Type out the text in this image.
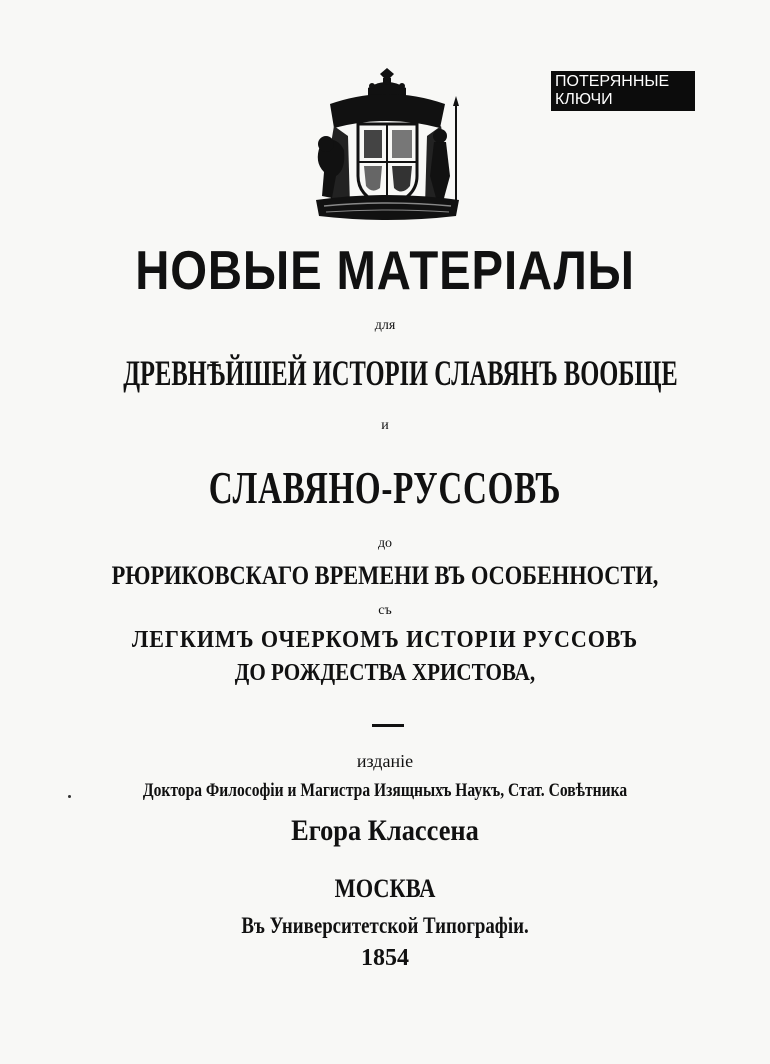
ПОТЕРЯННЫЕ
КЛЮЧИ
НОВЫЕ МАТЕРIАЛЫ
для
ДРЕВНѢЙШЕЙ ИСТОРIИ СЛАВЯНЪ ВООБЩЕ
и
СЛАВЯНО-РУССОВЪ
до
РЮРИКОВСКАГО ВРЕМЕНИ ВЪ ОСОБЕННОСТИ,
съ
ЛЕГКИМЪ ОЧЕРКОМЪ ИСТОРIИ РУССОВЪ
ДО РОЖДЕСТВА ХРИСТОВА,
изданiе
Доктора Философiи и Магистра Изящныхъ Наукъ, Стат. Совѣтника
Егора Классена
МОСКВА
Въ Университетской Типографiи.
1854
